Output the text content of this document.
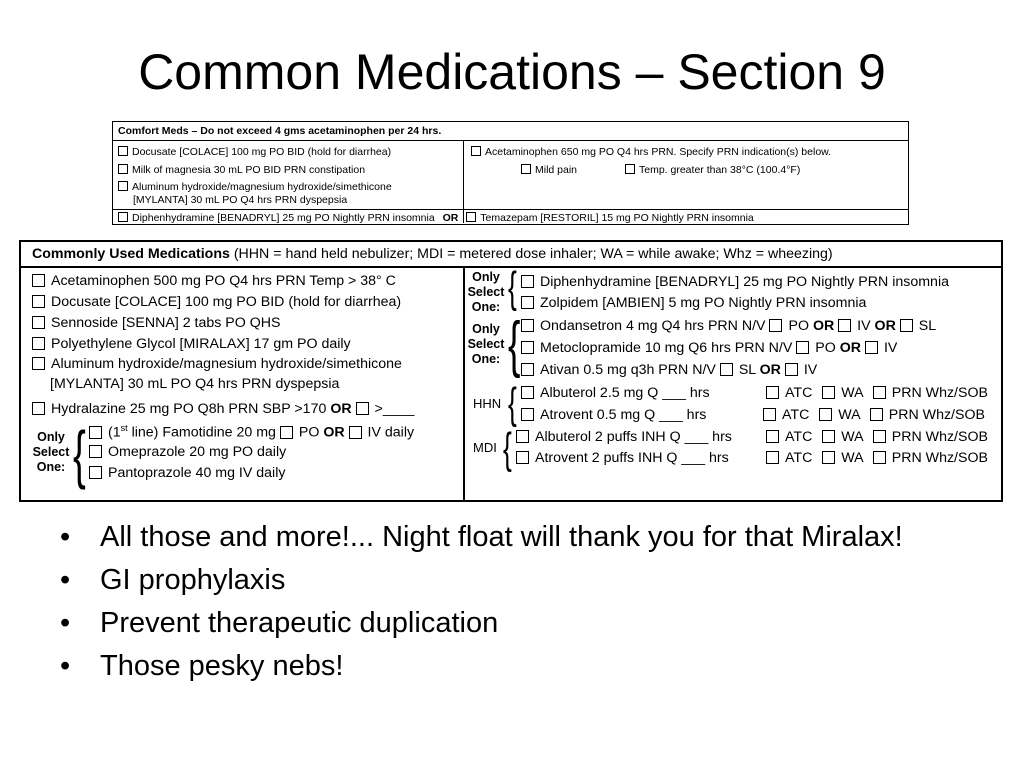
Common Medications – Section 9
Comfort Meds – Do not exceed 4 gms acetaminophen per 24 hrs.
Docusate [COLACE] 100 mg PO BID (hold for diarrhea)
Milk of magnesia 30 mL PO BID PRN constipation
Aluminum hydroxide/magnesium hydroxide/simethicone
[MYLANTA] 30 mL PO Q4 hrs PRN dyspepsia
Acetaminophen 650 mg PO Q4 hrs PRN. Specify PRN indication(s) below.
Mild pain	Temp. greater than 38°C (100.4°F)
Diphenhydramine [BENADRYL] 25 mg PO Nightly PRN insomnia OR Temazepam [RESTORIL] 15 mg PO Nightly PRN insomnia
Commonly Used Medications (HHN = hand held nebulizer; MDI = metered dose inhaler; WA = while awake; Whz = wheezing)
Acetaminophen 500 mg PO Q4 hrs PRN Temp > 38° C
Docusate [COLACE] 100 mg PO BID (hold for diarrhea)
Sennoside [SENNA] 2 tabs PO QHS
Polyethylene Glycol [MIRALAX] 17 gm PO daily
Aluminum hydroxide/magnesium hydroxide/simethicone
[MYLANTA] 30 mL PO Q4 hrs PRN dyspepsia
Hydralazine 25 mg PO Q8h PRN SBP >170 OR >____
Only Select One: {	(1st line) Famotidine 20 mg PO OR IV daily
Omeprazole 20 mg PO daily
Pantoprazole 40 mg IV daily
Only Select One: {	Diphenhydramine [BENADRYL] 25 mg PO Nightly PRN insomnia
Zolpidem [AMBIEN] 5 mg PO Nightly PRN insomnia
Only Select One: {	Ondansetron 4 mg Q4 hrs PRN N/V PO OR IV OR SL
Metoclopramide 10 mg Q6 hrs PRN N/V PO OR IV
Ativan 0.5 mg q3h PRN N/V SL OR IV
HHN {	Albuterol 2.5 mg Q ___ hrs	ATC WA PRN Whz/SOB
Atrovent 0.5 mg Q ___ hrs	ATC WA PRN Whz/SOB
MDI {	Albuterol 2 puffs INH Q ___ hrs	ATC WA PRN Whz/SOB
Atrovent 2 puffs INH Q ___ hrs	ATC WA PRN Whz/SOB
• All those and more!... Night float will thank you for that Miralax!
• GI prophylaxis
• Prevent therapeutic duplication
• Those pesky nebs!
